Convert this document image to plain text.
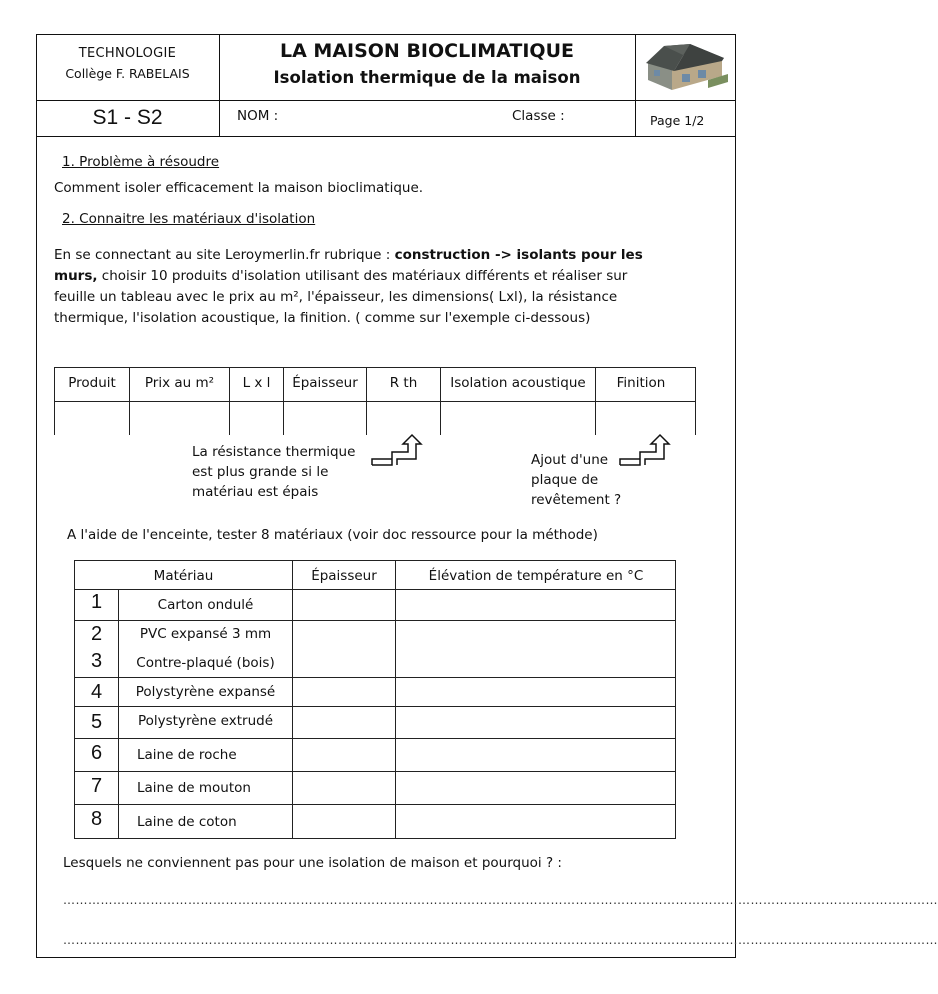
TECHNOLOGIE
Collège F. RABELAIS
LA MAISON BIOCLIMATIQUE
Isolation thermique de la maison
S1 - S2	NOM :	Classe :	Page 1/2
1. Problème à résoudre
Comment isoler efficacement la maison bioclimatique.
2. Connaitre les matériaux d'isolation
En se connectant au site Leroymerlin.fr rubrique : construction -> isolants pour les
murs, choisir 10 produits d'isolation utilisant des matériaux différents et réaliser sur
feuille un tableau avec le prix au m², l'épaisseur, les dimensions( Lxl), la résistance
thermique, l'isolation acoustique, la finition. ( comme sur l'exemple ci-dessous)
Produit	Prix au m²	L x l	Épaisseur	R th	Isolation acoustique	Finition
La résistance thermique
est plus grande si le
matériau est épais
Ajout d'une
plaque de
revêtement ?
A l'aide de l'enceinte, tester 8 matériaux (voir doc ressource pour la méthode)
Matériau	Épaisseur	Élévation de température en °C
1	Carton ondulé
2	PVC expansé 3 mm
3	Contre-plaqué (bois)
4	Polystyrène expansé
5	Polystyrène extrudé
6	Laine de roche
7	Laine de mouton
8	Laine de coton
Lesquels ne conviennent pas pour une isolation de maison et pourquoi ? :
…………………………………………………………………………………………………………………………………………………………………………………………
…………………………………………………………………………………………………………………………………………………………………………………………
